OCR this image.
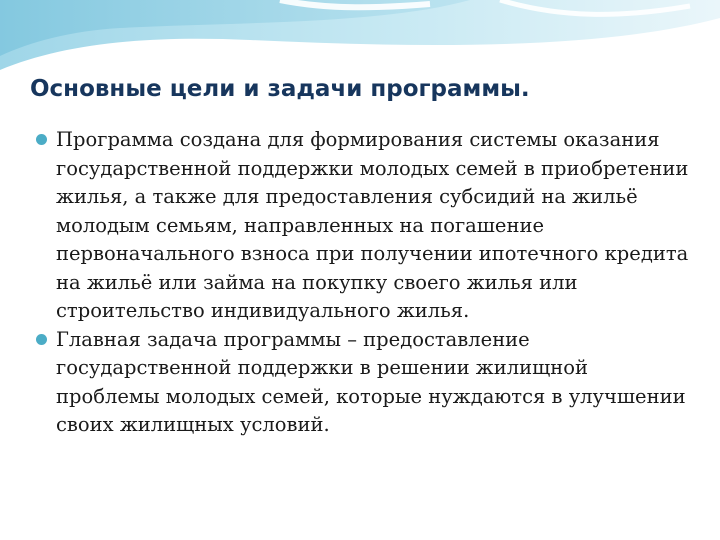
Основные цели и задачи программы.
Программа создана для формирования системы оказания государственной поддержки молодых семей в приобретении жилья, а также для предоставления субсидий на жильё молодым семьям, направленных на погашение первоначального взноса при получении ипотечного кредита на жильё или займа на покупку своего жилья или строительство индивидуального жилья.
Главная задача программы – предоставление государственной поддержки в решении жилищной проблемы молодых семей, которые нуждаются в улучшении своих жилищных условий.
